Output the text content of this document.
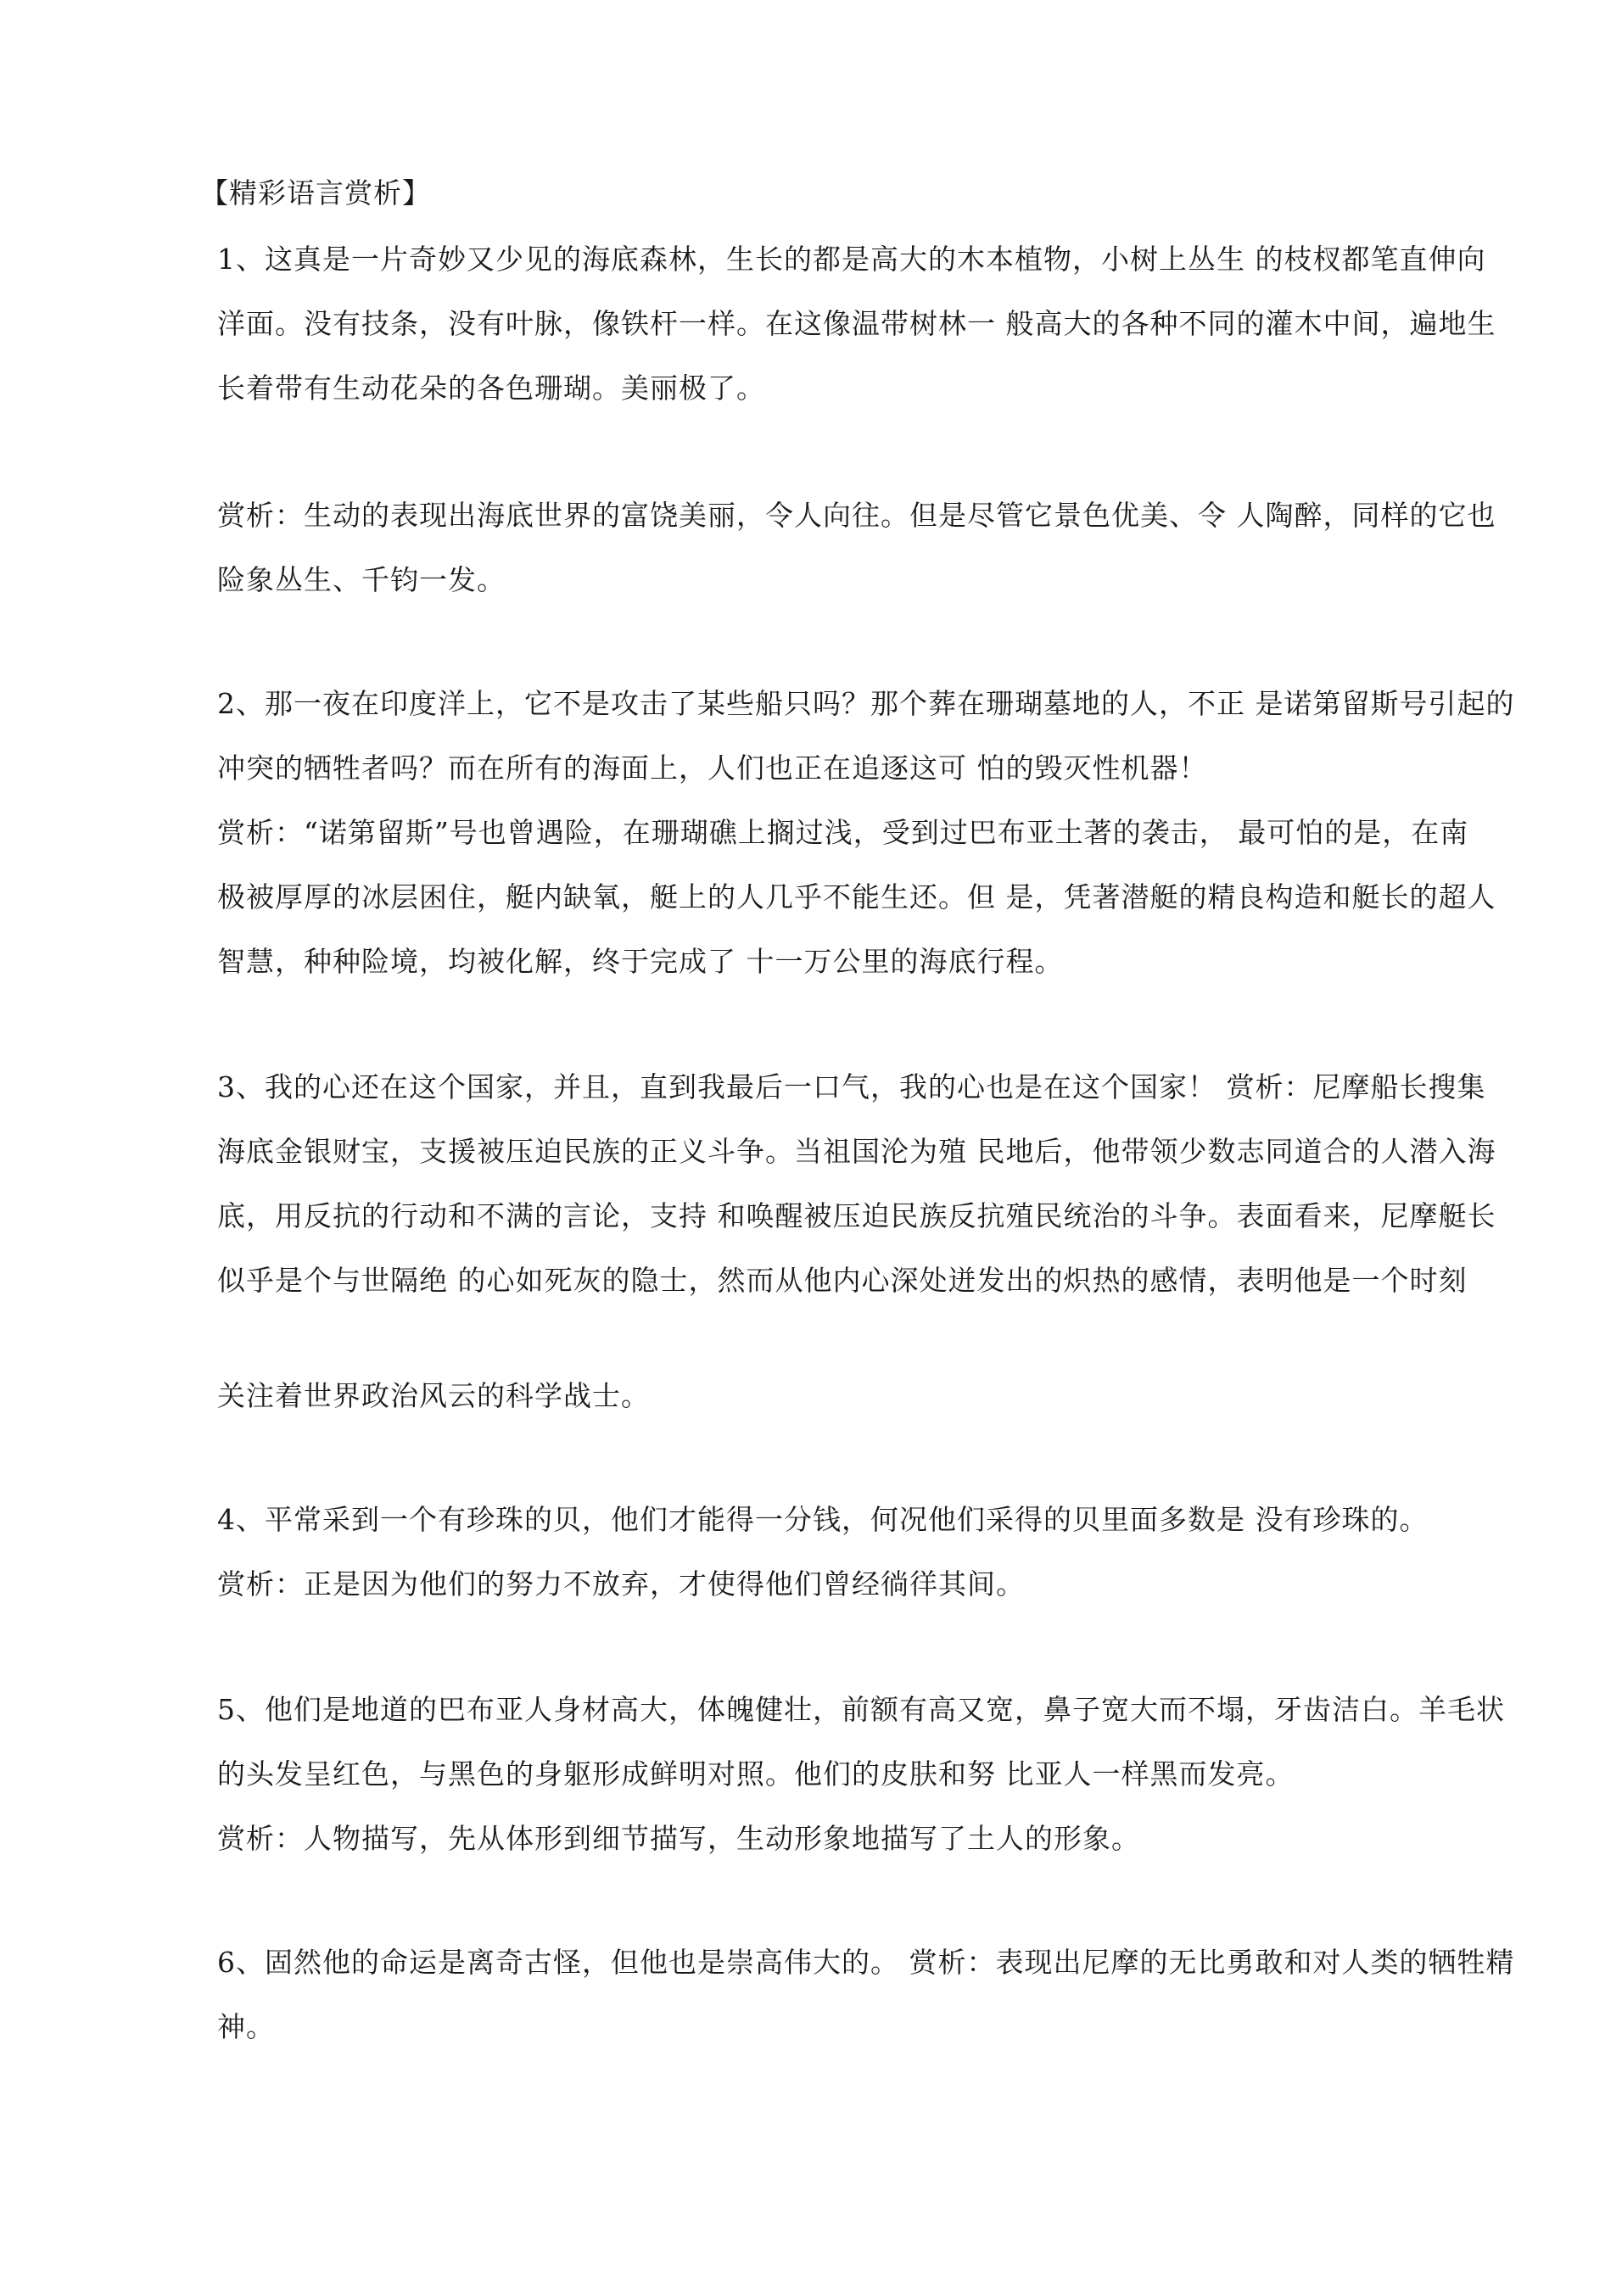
【精彩语言赏析】
1、这真是一片奇妙又少见的海底森林，生长的都是高大的木本植物，小树上丛生 的枝杈都笔直伸向
洋面。没有技条，没有叶脉，像铁杆一样。在这像温带树林一 般高大的各种不同的灌木中间，遍地生
长着带有生动花朵的各色珊瑚。美丽极了。
赏析：生动的表现出海底世界的富饶美丽，令人向往。但是尽管它景色优美、令 人陶醉，同样的它也
险象丛生、千钧一发。
2、那一夜在印度洋上，它不是攻击了某些船只吗？那个葬在珊瑚墓地的人，不正 是诺第留斯号引起的
冲突的牺牲者吗？而在所有的海面上，人们也正在追逐这可 怕的毁灭性机器！
赏析：“诺第留斯”号也曾遇险，在珊瑚礁上搁过浅，受到过巴布亚土著的袭击， 最可怕的是，在南
极被厚厚的冰层困住，艇内缺氧，艇上的人几乎不能生还。但 是，凭著潜艇的精良构造和艇长的超人
智慧，种种险境，均被化解，终于完成了 十一万公里的海底行程。
3、我的心还在这个国家，并且，直到我最后一口气，我的心也是在这个国家！ 赏析：尼摩船长搜集
海底金银财宝，支援被压迫民族的正义斗争。当祖国沦为殖 民地后，他带领少数志同道合的人潜入海
底，用反抗的行动和不满的言论，支持 和唤醒被压迫民族反抗殖民统治的斗争。表面看来，尼摩艇长
似乎是个与世隔绝 的心如死灰的隐士，然而从他内心深处迸发出的炽热的感情，表明他是一个时刻
关注着世界政治风云的科学战士。
4、平常采到一个有珍珠的贝，他们才能得一分钱，何况他们采得的贝里面多数是 没有珍珠的。
赏析：正是因为他们的努力不放弃，才使得他们曾经徜徉其间。
5、他们是地道的巴布亚人身材高大，体魄健壮，前额有高又宽，鼻子宽大而不塌，牙齿洁白。羊毛状
的头发呈红色，与黑色的身躯形成鲜明对照。他们的皮肤和努 比亚人一样黑而发亮。
赏析：人物描写，先从体形到细节描写，生动形象地描写了土人的形象。
6、固然他的命运是离奇古怪，但他也是崇高伟大的。 赏析：表现出尼摩的无比勇敢和对人类的牺牲精
神。
